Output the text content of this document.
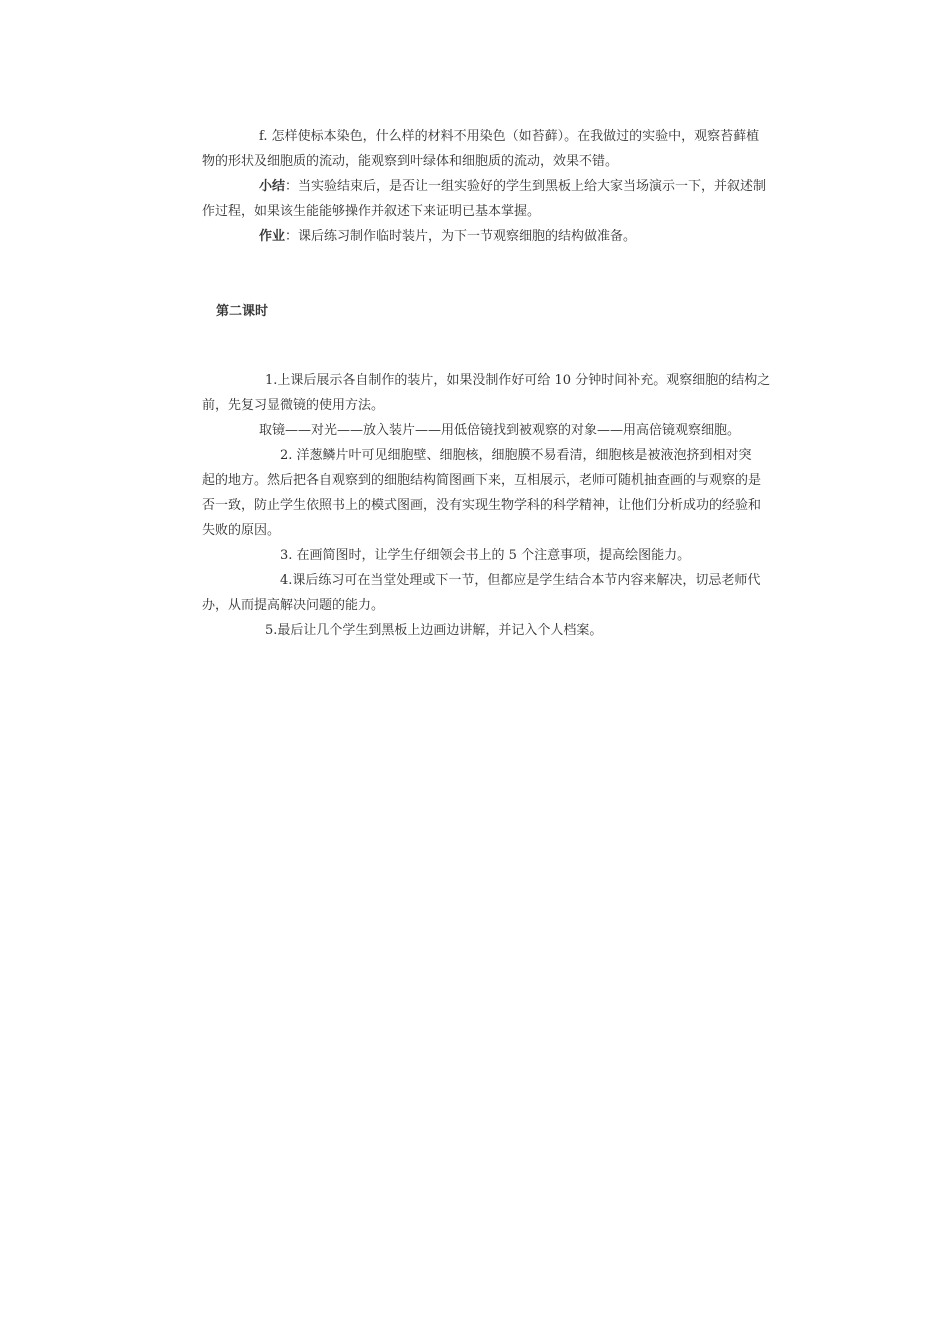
f. 怎样使标本染色，什么样的材料不用染色（如苔藓）。在我做过的实验中，观察苔藓植
物的形状及细胞质的流动，能观察到叶绿体和细胞质的流动，效果不错。
小结：当实验结束后，是否让一组实验好的学生到黑板上给大家当场演示一下，并叙述制
作过程，如果该生能能够操作并叙述下来证明已基本掌握。
作业：课后练习制作临时装片，为下一节观察细胞的结构做准备。
第二课时
1.上课后展示各自制作的装片，如果没制作好可给 10 分钟时间补充。观察细胞的结构之
前，先复习显微镜的使用方法。
取镜——对光——放入装片——用低倍镜找到被观察的对象——用高倍镜观察细胞。
2. 洋葱鳞片叶可见细胞壁、细胞核，细胞膜不易看清，细胞核是被液泡挤到相对突
起的地方。然后把各自观察到的细胞结构简图画下来，互相展示，老师可随机抽查画的与观察的是
否一致，防止学生依照书上的模式图画，没有实现生物学科的科学精神，让他们分析成功的经验和
失败的原因。
3. 在画简图时，让学生仔细领会书上的 5 个注意事项，提高绘图能力。
4.课后练习可在当堂处理或下一节，但都应是学生结合本节内容来解决，切忌老师代
办，从而提高解决问题的能力。
5.最后让几个学生到黑板上边画边讲解，并记入个人档案。
